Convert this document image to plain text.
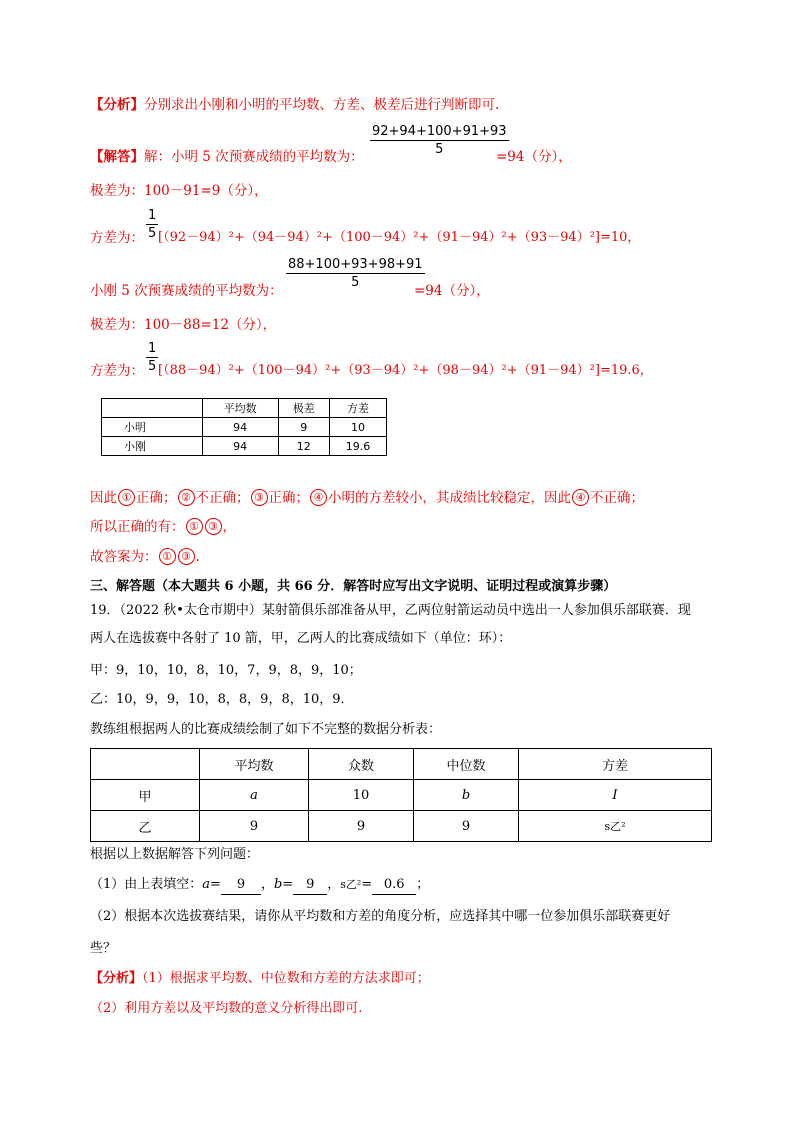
【分析】分别求出小刚和小明的平均数、方差、极差后进行判断即可.
92+94+100+91+93
5
【解答】解：小明 5 次预赛成绩的平均数为：	=94（分），
极差为：100－91=9（分），
1
5
方差为： [（92－94）²+（94－94）²+（100－94）²+（91－94）²+（93－94）²]=10，
88+100+93+98+91
5
小刚 5 次预赛成绩的平均数为：	=94（分），
极差为：100－88=12（分），
1
5
方差为： [（88－94）²+（100－94）²+（93－94）²+（98－94）²+（91－94）²]=19.6，
	平均数	极差	方差
小明	94	9	10
小刚	94	12	19.6
因此 ① 正确； ② 不正确； ③ 正确； ④ 小明的方差较小，其成绩比较稳定，因此 ④ 不正确；
所以正确的有： ① ③ ，
故答案为： ① ③ .
三、解答题（本大题共 6 小题，共 66 分．解答时应写出文字说明、证明过程或演算步骤）
19．（2022 秋•太仓市期中）某射箭俱乐部准备从甲，乙两位射箭运动员中选出一人参加俱乐部联赛．现
两人在选拔赛中各射了 10 箭，甲，乙两人的比赛成绩如下（单位：环）：
甲：9，10，10，8，10，7，9，8，9，10；
乙：10，9，9，10，8，8，9，8，10，9．
教练组根据两人的比赛成绩绘制了如下不完整的数据分析表：
	平均数	众数	中位数	方差
甲	a	10	b	I
乙	9	9	9	s乙²
根据以上数据解答下列问题：
（1）由上表填空：a= 9 ，b= 9 ，s乙²= 0.6 ；
（2）根据本次选拔赛结果，请你从平均数和方差的角度分析，应选择其中哪一位参加俱乐部联赛更好
些？
【分析】（1）根据求平均数、中位数和方差的方法求即可；
（2）利用方差以及平均数的意义分析得出即可.
